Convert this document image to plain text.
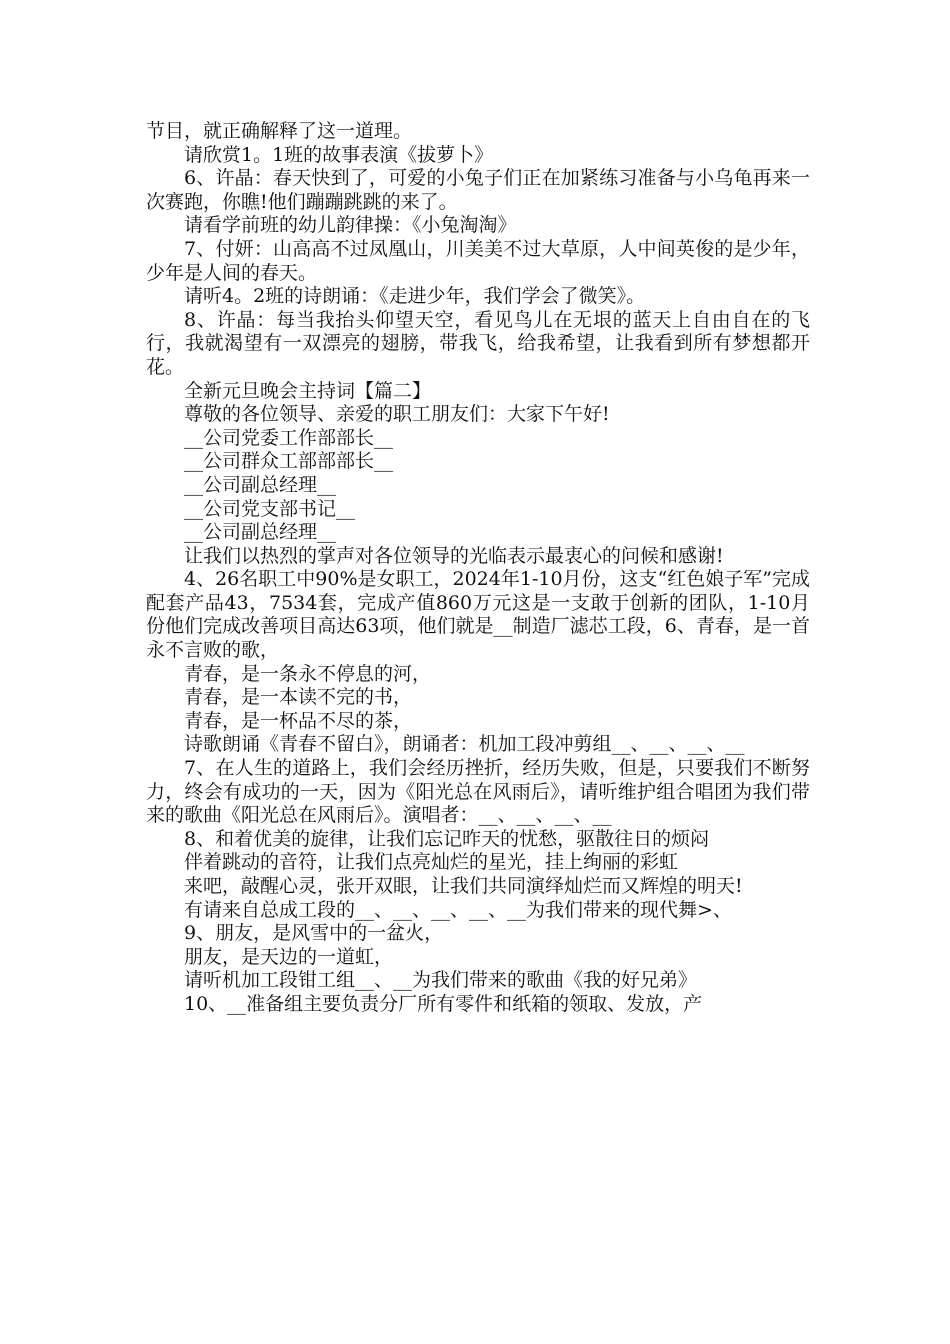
节目，就正确解释了这一道理。

请欣赏1。1班的故事表演《拔萝卜》

6、许晶：春天快到了，可爱的小兔子们正在加紧练习准备与小乌龟再来一次赛跑，你瞧!他们蹦蹦跳跳的来了。

请看学前班的幼儿韵律操：《小兔淘淘》

7、付妍：山高高不过凤凰山，川美美不过大草原，人中间英俊的是少年，少年是人间的春天。

请听4。2班的诗朗诵：《走进少年，我们学会了微笑》。

8、许晶：每当我抬头仰望天空，看见鸟儿在无垠的蓝天上自由自在的飞行，我就渴望有一双漂亮的翅膀，带我飞，给我希望，让我看到所有梦想都开花。

全新元旦晚会主持词【篇二】

尊敬的各位领导、亲爱的职工朋友们：大家下午好!

__公司党委工作部部长__

__公司群众工部部部长__

__公司副总经理__

__公司党支部书记__

__公司副总经理__

让我们以热烈的掌声对各位领导的光临表示最衷心的问候和感谢!

4、26名职工中90%是女职工，2024年1-10月份，这支“红色娘子军”完成配套产品43，7534套，完成产值860万元这是一支敢于创新的团队，1-10月份他们完成改善项目高达63项，他们就是__制造厂滤芯工段，6、青春，是一首永不言败的歌，

青春，是一条永不停息的河，

青春，是一本读不完的书，

青春，是一杯品不尽的茶，

诗歌朗诵《青春不留白》，朗诵者：机加工段冲剪组__、__、__、__

7、在人生的道路上，我们会经历挫折，经历失败，但是，只要我们不断努力，终会有成功的一天，因为《阳光总在风雨后》，请听维护组合唱团为我们带来的歌曲《阳光总在风雨后》。演唱者：__、__、__、__

8、和着优美的旋律，让我们忘记昨天的忧愁，驱散往日的烦闷

伴着跳动的音符，让我们点亮灿烂的星光，挂上绚丽的彩虹

来吧，敲醒心灵，张开双眼，让我们共同演绎灿烂而又辉煌的明天!

有请来自总成工段的__、__、__、__、__为我们带来的现代舞>、

9、朋友，是风雪中的一盆火，

朋友，是天边的一道虹，

请听机加工段钳工组__、__为我们带来的歌曲《我的好兄弟》

10、__准备组主要负责分厂所有零件和纸箱的领取、发放，产
